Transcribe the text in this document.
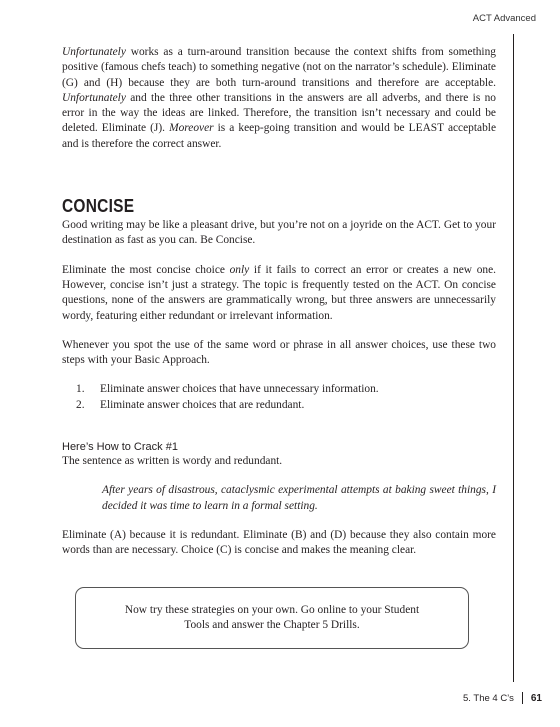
ACT Advanced

Unfortunately works as a turn-around transition because the context shifts from something positive (famous chefs teach) to something negative (not on the narrator’s schedule). Eliminate (G) and (H) because they are both turn-around transitions and therefore are acceptable. Unfortunately and the three other transitions in the answers are all adverbs, and there is no error in the way the ideas are linked. Therefore, the transition isn’t necessary and could be deleted. Eliminate (J). Moreover is a keep-going transition and would be LEAST acceptable and is therefore the correct answer.

CONCISE

Good writing may be like a pleasant drive, but you’re not on a joyride on the ACT. Get to your destination as fast as you can. Be Concise.

Eliminate the most concise choice only if it fails to correct an error or creates a new one. However, concise isn’t just a strategy. The topic is frequently tested on the ACT. On concise questions, none of the answers are grammatically wrong, but three answers are unnecessarily wordy, featuring either redundant or irrelevant information.

Whenever you spot the use of the same word or phrase in all answer choices, use these two steps with your Basic Approach.

1.	Eliminate answer choices that have unnecessary information.
2.	Eliminate answer choices that are redundant.
Here’s How to Crack #1

The sentence as written is wordy and redundant.

After years of disastrous, cataclysmic experimental attempts at baking sweet things, I decided it was time to learn in a formal setting.

Eliminate (A) because it is redundant. Eliminate (B) and (D) because they also contain more words than are necessary. Choice (C) is concise and makes the meaning clear.

Now try these strategies on your own. Go online to your Student Tools and answer the Chapter 5 Drills.
5. The 4 C’s 61
